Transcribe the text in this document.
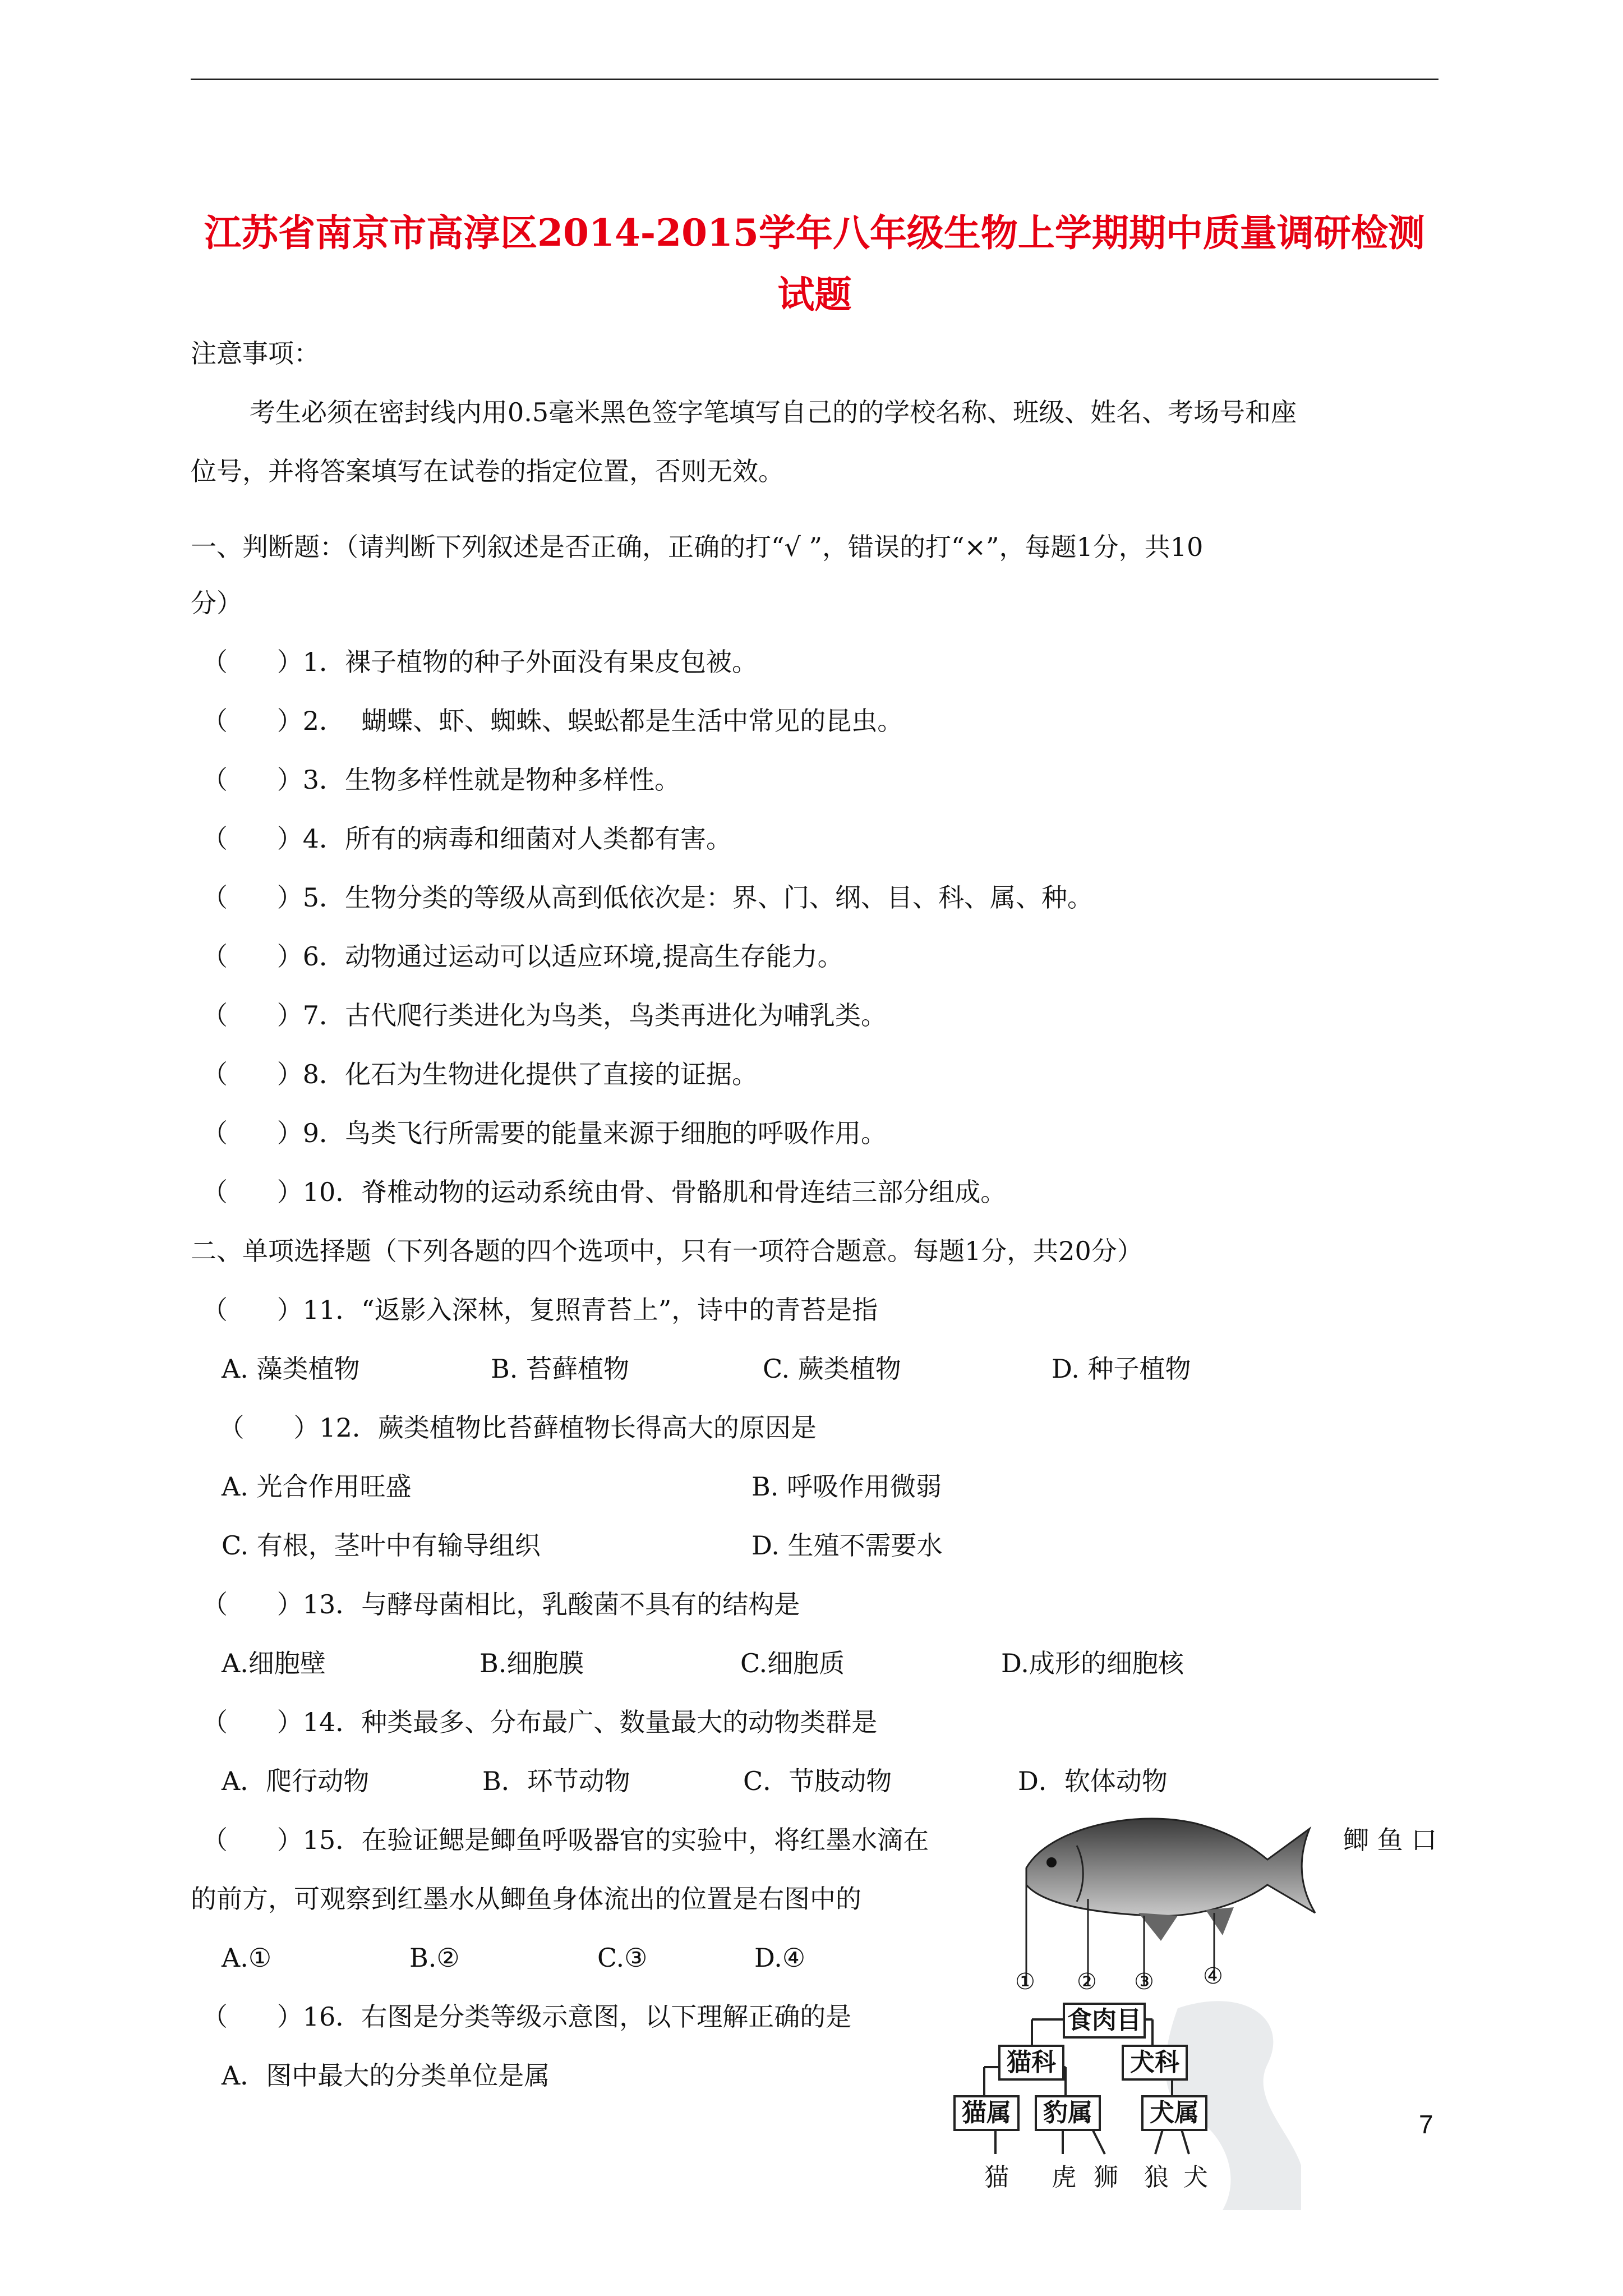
江苏省南京市高淳区2014-2015学年八年级生物上学期期中质量调研检测
试题
注意事项：
考生必须在密封线内用0.5毫米黑色签字笔填写自己的的学校名称、班级、姓名、考场号和座
位号，并将答案填写在试卷的指定位置，否则无效。
一、判断题：（请判断下列叙述是否正确，正确的打“√ ”，错误的打“×”，每题1分，共10
分）
（      ）1．裸子植物的种子外面没有果皮包被。
（      ）2．  蝴蝶、虾、蜘蛛、蜈蚣都是生活中常见的昆虫。
（      ）3．生物多样性就是物种多样性。
（      ）4．所有的病毒和细菌对人类都有害。
（      ）5．生物分类的等级从高到低依次是：界、门、纲、目、科、属、种。
（      ）6．动物通过运动可以适应环境,提高生存能力。
（      ）7．古代爬行类进化为鸟类，鸟类再进化为哺乳类。
（      ）8．化石为生物进化提供了直接的证据。
（      ）9．鸟类飞行所需要的能量来源于细胞的呼吸作用。
（      ）10．脊椎动物的运动系统由骨、骨骼肌和骨连结三部分组成。
二、单项选择题（下列各题的四个选项中，只有一项符合题意。每题1分，共20分）
（      ）11．“返影入深林，复照青苔上”，诗中的青苔是指
A. 藻类植物	B. 苔藓植物	C. 蕨类植物	D. 种子植物
（      ）12．蕨类植物比苔藓植物长得高大的原因是
A. 光合作用旺盛	B. 呼吸作用微弱
C. 有根，茎叶中有输导组织	D. 生殖不需要水
（      ）13．与酵母菌相比，乳酸菌不具有的结构是
A.细胞壁	B.细胞膜	C.细胞质	D.成形的细胞核
（      ）14．种类最多、分布最广、数量最大的动物类群是
A．爬行动物	B．环节动物	C．节肢动物	D．软体动物
（      ）15．在验证鳃是鲫鱼呼吸器官的实验中，将红墨水滴在	鲫 鱼 口
的前方，可观察到红墨水从鲫鱼身体流出的位置是右图中的
A.①	B.②	C.③	D.④
（      ）16．右图是分类等级示意图，以下理解正确的是
A．图中最大的分类单位是属
① ② ③ ④
食肉目
猫科	犬科
猫属	豹属	犬属
猫 虎 狮 狼 犬
7
